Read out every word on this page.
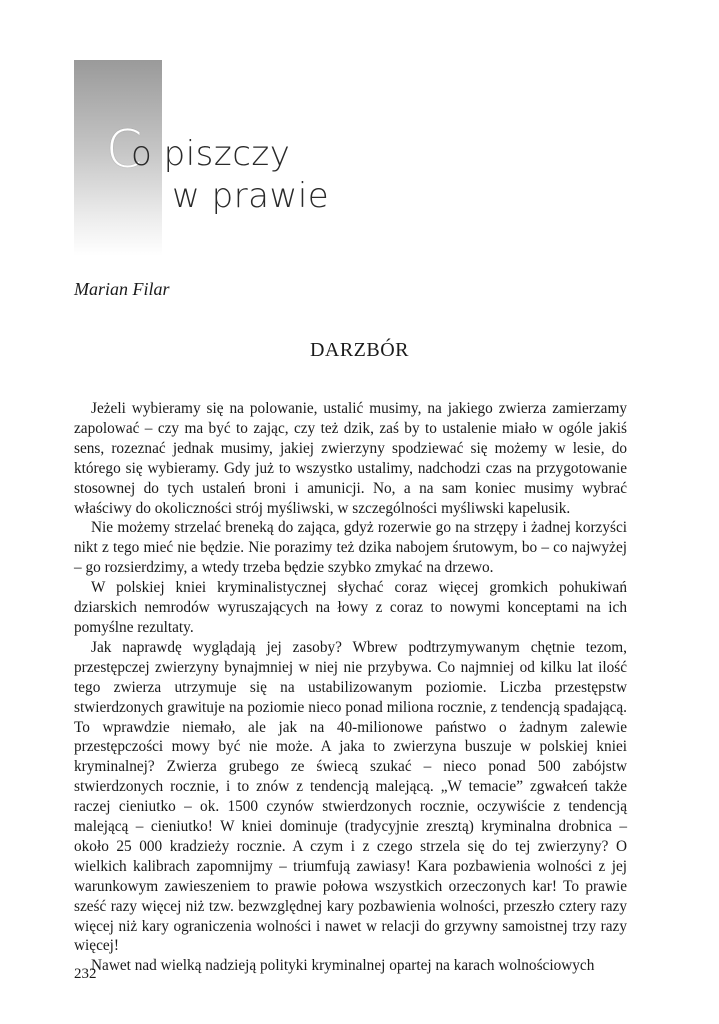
C
o piszczy
w prawie
Marian Filar
DARZBÓR

Jeżeli wybieramy się na polowanie, ustalić musimy, na jakiego zwierza zamierzamy zapolować – czy ma być to zając, czy też dzik, zaś by to ustalenie miało w ogóle jakiś sens, rozeznać jednak musimy, jakiej zwierzyny spodziewać się możemy w lesie, do którego się wybieramy. Gdy już to wszystko ustalimy, nadchodzi czas na przygotowanie stosownej do tych ustaleń broni i amunicji. No, a na sam koniec musimy wybrać właściwy do okoliczności strój myśliwski, w szczególności myśliwski kapelusik.

Nie możemy strzelać breneką do zająca, gdyż rozerwie go na strzępy i żadnej korzyści nikt z tego mieć nie będzie. Nie porazimy też dzika nabojem śrutowym, bo – co najwyżej – go rozsierdzimy, a wtedy trzeba będzie szybko zmykać na drzewo.

W polskiej kniei kryminalistycznej słychać coraz więcej gromkich pohukiwań dziarskich nemrodów wyruszających na łowy z coraz to nowymi konceptami na ich pomyślne rezultaty.

Jak naprawdę wyglądają jej zasoby? Wbrew podtrzymywanym chętnie tezom, przestępczej zwierzyny bynajmniej w niej nie przybywa. Co najmniej od kilku lat ilość tego zwierza utrzymuje się na ustabilizowanym poziomie. Liczba przestępstw stwierdzonych grawituje na poziomie nieco ponad miliona rocznie, z tendencją spadającą. To wprawdzie niemało, ale jak na 40-milionowe państwo o żadnym zalewie przestępczości mowy być nie może. A jaka to zwierzyna buszuje w polskiej kniei kryminalnej? Zwierza grubego ze świecą szukać – nieco ponad 500 zabójstw stwierdzonych rocznie, i to znów z tendencją malejącą. „W temacie” zgwałceń także raczej cieniutko – ok. 1500 czynów stwierdzonych rocznie, oczywiście z tendencją malejącą – cieniutko! W kniei dominuje (tradycyjnie zresztą) kryminalna drobnica – około 25 000 kradzieży rocznie. A czym i z czego strzela się do tej zwierzyny? O wielkich kalibrach zapomnijmy – triumfują zawiasy! Kara pozbawienia wolności z jej warunkowym zawieszeniem to prawie połowa wszystkich orzeczonych kar! To prawie sześć razy więcej niż tzw. bezwzględnej kary pozbawienia wolności, przeszło cztery razy więcej niż kary ograniczenia wolności i nawet w relacji do grzywny samoistnej trzy razy więcej!

Nawet nad wielką nadzieją polityki kryminalnej opartej na karach wolnościowych

232
